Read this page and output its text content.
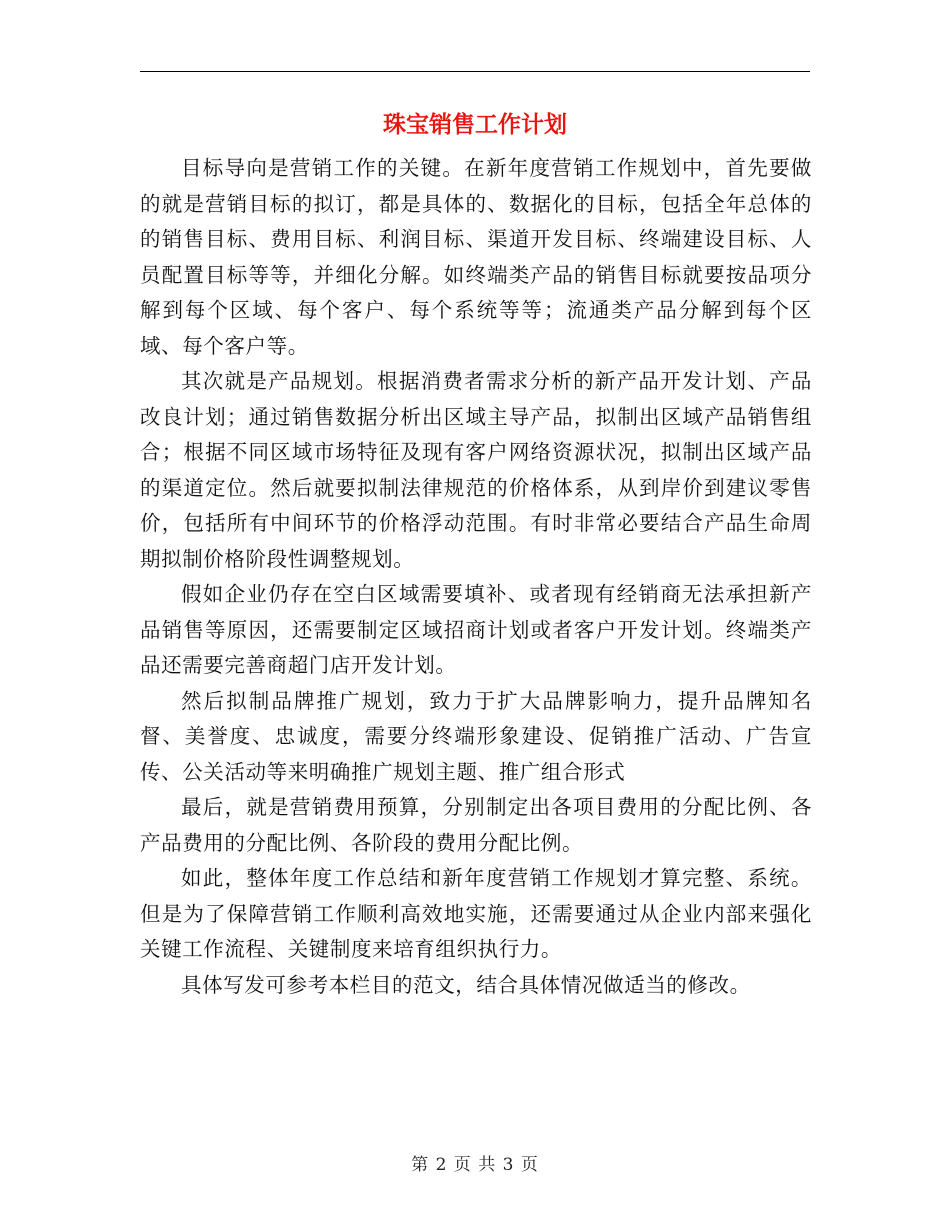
珠宝销售工作计划

目标导向是营销工作的关键。在新年度营销工作规划中，首先要做的就是营销目标的拟订，都是具体的、数据化的目标，包括全年总体的的销售目标、费用目标、利润目标、渠道开发目标、终端建设目标、人员配置目标等等，并细化分解。如终端类产品的销售目标就要按品项分解到每个区域、每个客户、每个系统等等；流通类产品分解到每个区域、每个客户等。

其次就是产品规划。根据消费者需求分析的新产品开发计划、产品改良计划；通过销售数据分析出区域主导产品，拟制出区域产品销售组合；根据不同区域市场特征及现有客户网络资源状况，拟制出区域产品的渠道定位。然后就要拟制法律规范的价格体系，从到岸价到建议零售价，包括所有中间环节的价格浮动范围。有时非常必要结合产品生命周期拟制价格阶段性调整规划。

假如企业仍存在空白区域需要填补、或者现有经销商无法承担新产品销售等原因，还需要制定区域招商计划或者客户开发计划。终端类产品还需要完善商超门店开发计划。

然后拟制品牌推广规划，致力于扩大品牌影响力，提升品牌知名督、美誉度、忠诚度，需要分终端形象建设、促销推广活动、广告宣传、公关活动等来明确推广规划主题、推广组合形式

最后，就是营销费用预算，分别制定出各项目费用的分配比例、各产品费用的分配比例、各阶段的费用分配比例。

如此，整体年度工作总结和新年度营销工作规划才算完整、系统。但是为了保障营销工作顺利高效地实施，还需要通过从企业内部来强化关键工作流程、关键制度来培育组织执行力。

具体写发可参考本栏目的范文，结合具体情况做适当的修改。

第 2 页 共 3 页
